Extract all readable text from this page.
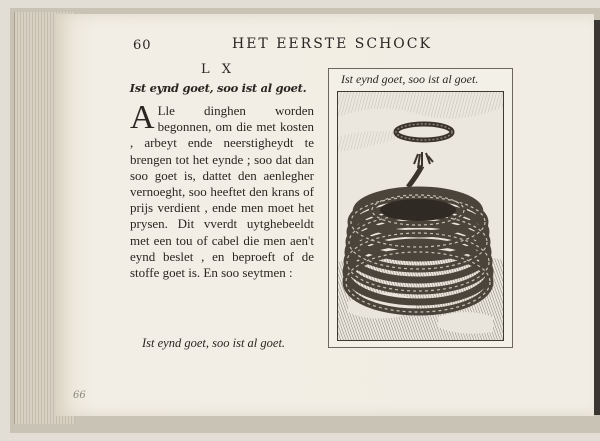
60	HET EERSTE SCHOCK
L X
Ist eynd goet, soo ist al goet.
A Lle dinghen worden begonnen, om die met kosten , arbeyt ende neerstigheydt te brengen tot het eynde ; soo dat dan soo goet is, dattet den aenlegher vernoeght, soo heeftet den krans of prijs verdient , ende men moet het prysen. Dit vverdt uytghebeeldt met een tou of cabel die men aen't eynd beslet , en beproeft of de stoffe goet is. En soo seytmen :
Ist eynd goet, soo ist al goet.
Ist eynd goet, soo ist al goet.
66
